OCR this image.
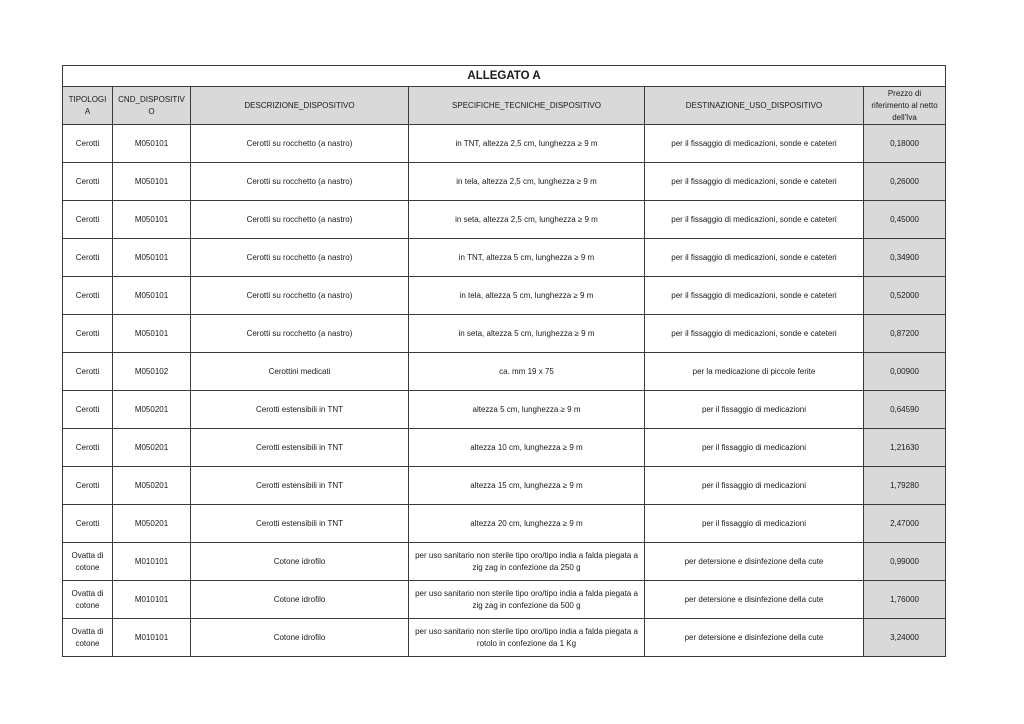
ALLEGATO A					
TIPOLOGIA	CND_DISPOSITIVO	DESCRIZIONE_DISPOSITIVO	SPECIFICHE_TECNICHE_DISPOSITIVO	DESTINAZIONE_USO_DISPOSITIVO	Prezzo di riferimento al netto dell'Iva
Cerotti	M050101	Cerotti su rocchetto (a nastro)	in TNT, altezza 2,5 cm, lunghezza ≥ 9 m	per il fissaggio di medicazioni, sonde e cateteri	0,18000
Cerotti	M050101	Cerotti su rocchetto (a nastro)	in tela, altezza 2,5 cm, lunghezza ≥ 9 m	per il fissaggio di medicazioni, sonde e cateteri	0,26000
Cerotti	M050101	Cerotti su rocchetto (a nastro)	in seta, altezza 2,5 cm, lunghezza ≥ 9 m	per il fissaggio di medicazioni, sonde e cateteri	0,45000
Cerotti	M050101	Cerotti su rocchetto (a nastro)	in TNT, altezza 5 cm, lunghezza ≥ 9 m	per il fissaggio di medicazioni, sonde e cateteri	0,34900
Cerotti	M050101	Cerotti su rocchetto (a nastro)	in tela, altezza 5 cm, lunghezza ≥ 9 m	per il fissaggio di medicazioni, sonde e cateteri	0,52000
Cerotti	M050101	Cerotti su rocchetto (a nastro)	in seta, altezza 5 cm, lunghezza ≥ 9 m	per il fissaggio di medicazioni, sonde e cateteri	0,87200
Cerotti	M050102	Cerottini medicati	ca. mm 19 x 75	per la medicazione di piccole ferite	0,00900
Cerotti	M050201	Cerotti estensibili in TNT	altezza 5 cm, lunghezza ≥ 9 m	per il fissaggio di medicazioni	0,64590
Cerotti	M050201	Cerotti estensibili in TNT	altezza 10 cm, lunghezza ≥ 9 m	per il fissaggio di medicazioni	1,21630
Cerotti	M050201	Cerotti estensibili in TNT	altezza 15 cm, lunghezza ≥ 9 m	per il fissaggio di medicazioni	1,79280
Cerotti	M050201	Cerotti estensibili in TNT	altezza 20 cm, lunghezza ≥ 9 m	per il fissaggio di medicazioni	2,47000
Ovatta di cotone	M010101	Cotone idrofilo	per uso sanitario non sterile tipo oro/tipo india a falda piegata a zig zag in confezione da 250 g	per detersione e disinfezione della cute	0,99000
Ovatta di cotone	M010101	Cotone idrofilo	per uso sanitario non sterile tipo oro/tipo india a falda piegata a zig zag in confezione da 500 g	per detersione e disinfezione della cute	1,76000
Ovatta di cotone	M010101	Cotone idrofilo	per uso sanitario non sterile tipo oro/tipo india a falda piegata a rotolo in confezione da 1 Kg	per detersione e disinfezione della cute	3,24000
